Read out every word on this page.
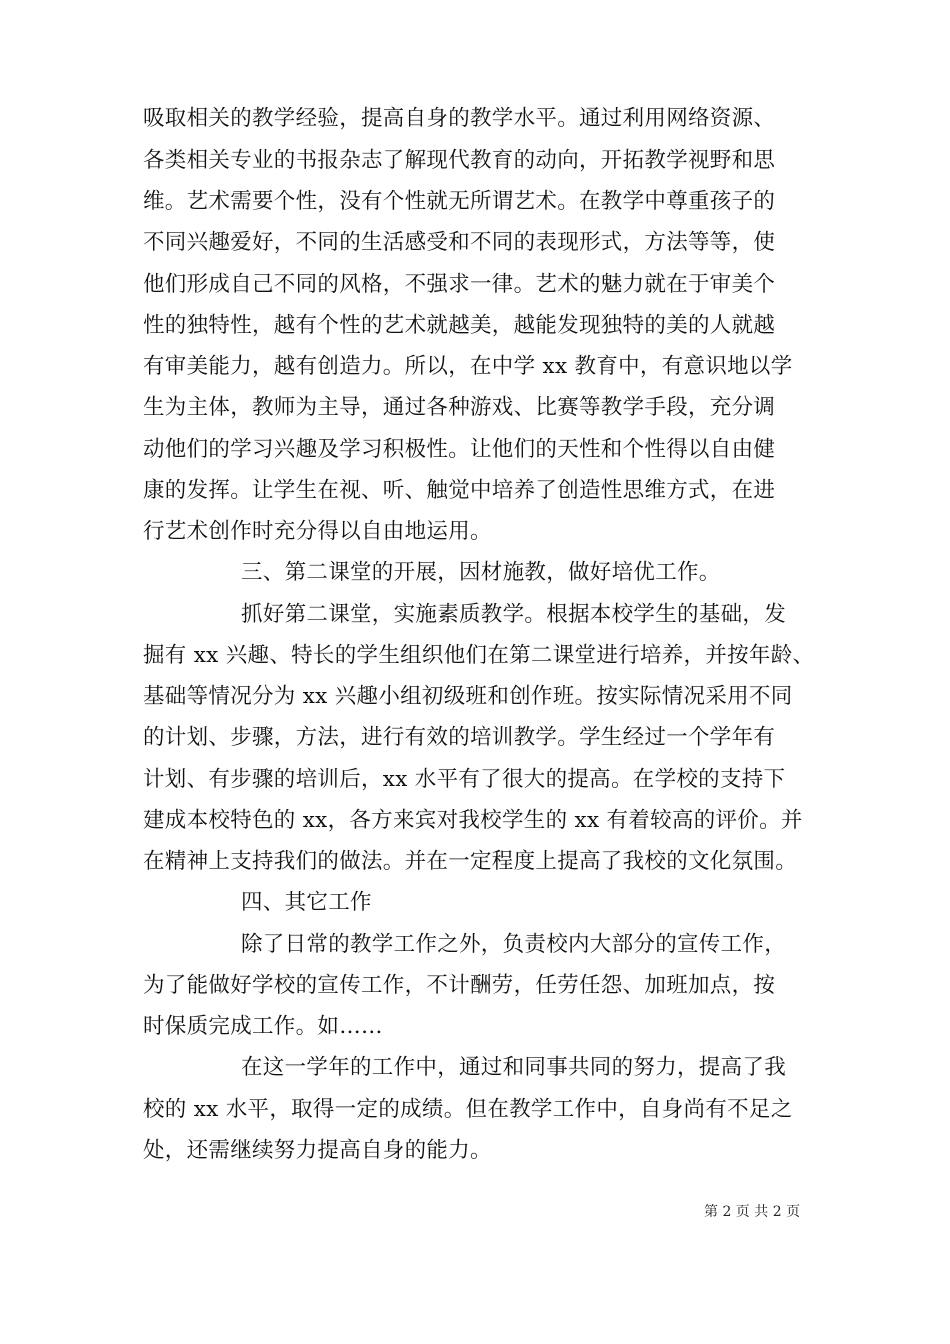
吸取相关的教学经验，提高自身的教学水平。通过利用网络资源、
各类相关专业的书报杂志了解现代教育的动向，开拓教学视野和思
维。艺术需要个性，没有个性就无所谓艺术。在教学中尊重孩子的
不同兴趣爱好，不同的生活感受和不同的表现形式，方法等等，使
他们形成自己不同的风格，不强求一律。艺术的魅力就在于审美个
性的独特性，越有个性的艺术就越美，越能发现独特的美的人就越
有审美能力，越有创造力。所以，在中学 xx 教育中，有意识地以学
生为主体，教师为主导，通过各种游戏、比赛等教学手段，充分调
动他们的学习兴趣及学习积极性。让他们的天性和个性得以自由健
康的发挥。让学生在视、听、触觉中培养了创造性思维方式，在进
行艺术创作时充分得以自由地运用。
三、第二课堂的开展，因材施教，做好培优工作。
抓好第二课堂，实施素质教学。根据本校学生的基础，发
掘有 xx 兴趣、特长的学生组织他们在第二课堂进行培养，并按年龄、
基础等情况分为 xx 兴趣小组初级班和创作班。按实际情况采用不同
的计划、步骤，方法，进行有效的培训教学。学生经过一个学年有
计划、有步骤的培训后，xx 水平有了很大的提高。在学校的支持下
建成本校特色的 xx，各方来宾对我校学生的 xx 有着较高的评价。并
在精神上支持我们的做法。并在一定程度上提高了我校的文化氛围。
四、其它工作
除了日常的教学工作之外，负责校内大部分的宣传工作，
为了能做好学校的宣传工作，不计酬劳，任劳任怨、加班加点，按
时保质完成工作。如……
在这一学年的工作中，通过和同事共同的努力，提高了我
校的 xx 水平，取得一定的成绩。但在教学工作中，自身尚有不足之
处，还需继续努力提高自身的能力。
第 2 页 共 2 页
